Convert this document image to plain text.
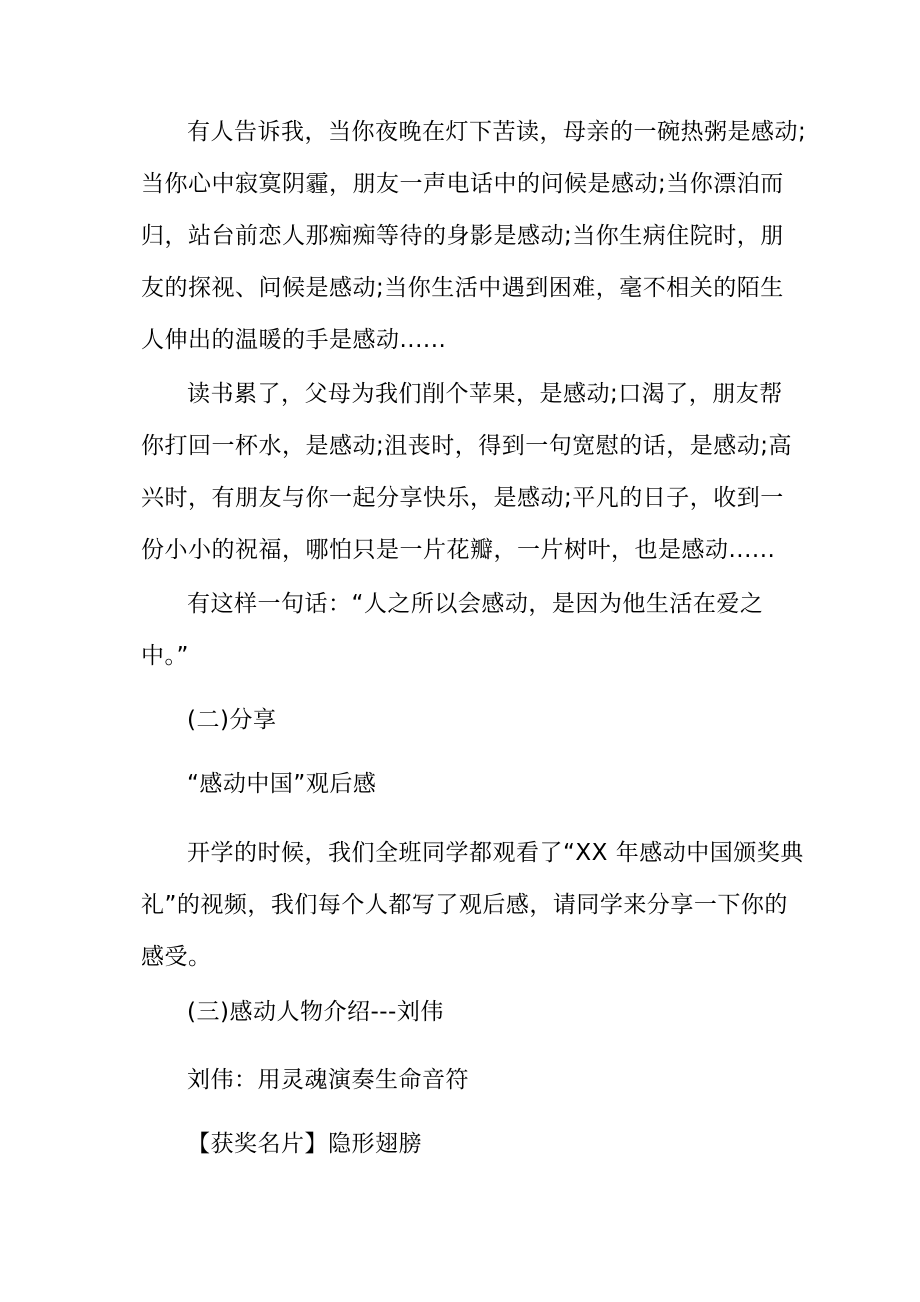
有人告诉我，当你夜晚在灯下苦读，母亲的一碗热粥是感动;
当你心中寂寞阴霾，朋友一声电话中的问候是感动;当你漂泊而
归，站台前恋人那痴痴等待的身影是感动;当你生病住院时，朋
友的探视、问候是感动;当你生活中遇到困难，毫不相关的陌生
人伸出的温暖的手是感动......

读书累了，父母为我们削个苹果，是感动;口渴了，朋友帮
你打回一杯水，是感动;沮丧时，得到一句宽慰的话，是感动;高
兴时，有朋友与你一起分享快乐，是感动;平凡的日子，收到一
份小小的祝福，哪怕只是一片花瓣，一片树叶，也是感动......

有这样一句话：“人之所以会感动，是因为他生活在爱之
中。”

(二)分享

“感动中国”观后感

开学的时候，我们全班同学都观看了“XX 年感动中国颁奖典
礼”的视频，我们每个人都写了观后感，请同学来分享一下你的
感受。

(三)感动人物介绍---刘伟

刘伟：用灵魂演奏生命音符

【获奖名片】隐形翅膀
